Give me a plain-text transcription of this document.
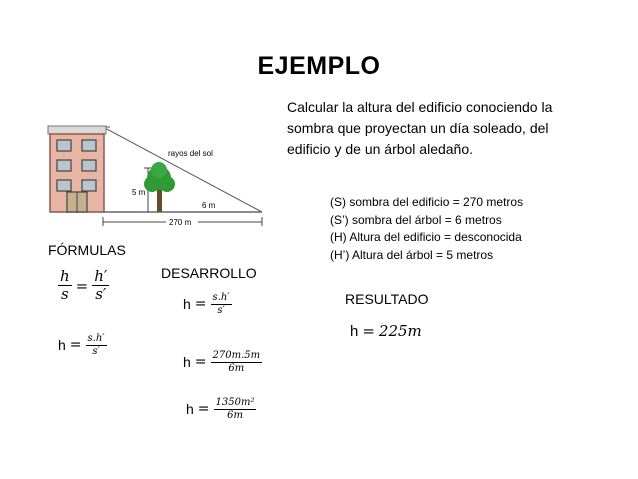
EJEMPLO
Calcular la altura del edificio conociendo la sombra que proyectan un día soleado, del edificio y de un árbol aledaño.
5 m
rayos del sol
6 m
270 m
(S) sombra del edificio = 270 metros
(S’) sombra del árbol = 6 metros
(H) Altura del edificio = desconocida
(H’) Altura del árbol = 5 metros
FÓRMULAS
$\frac{h}{s} = \frac{h'}{s'}$
$h = \frac{s.h'}{s'}$
DESARROLLO
$h = \frac{s.h'}{s'}$
$h = \frac{270m.5m}{6m}$
$h = \frac{\text{1350m²}}{6m}$
RESULTADO
h = 225m
